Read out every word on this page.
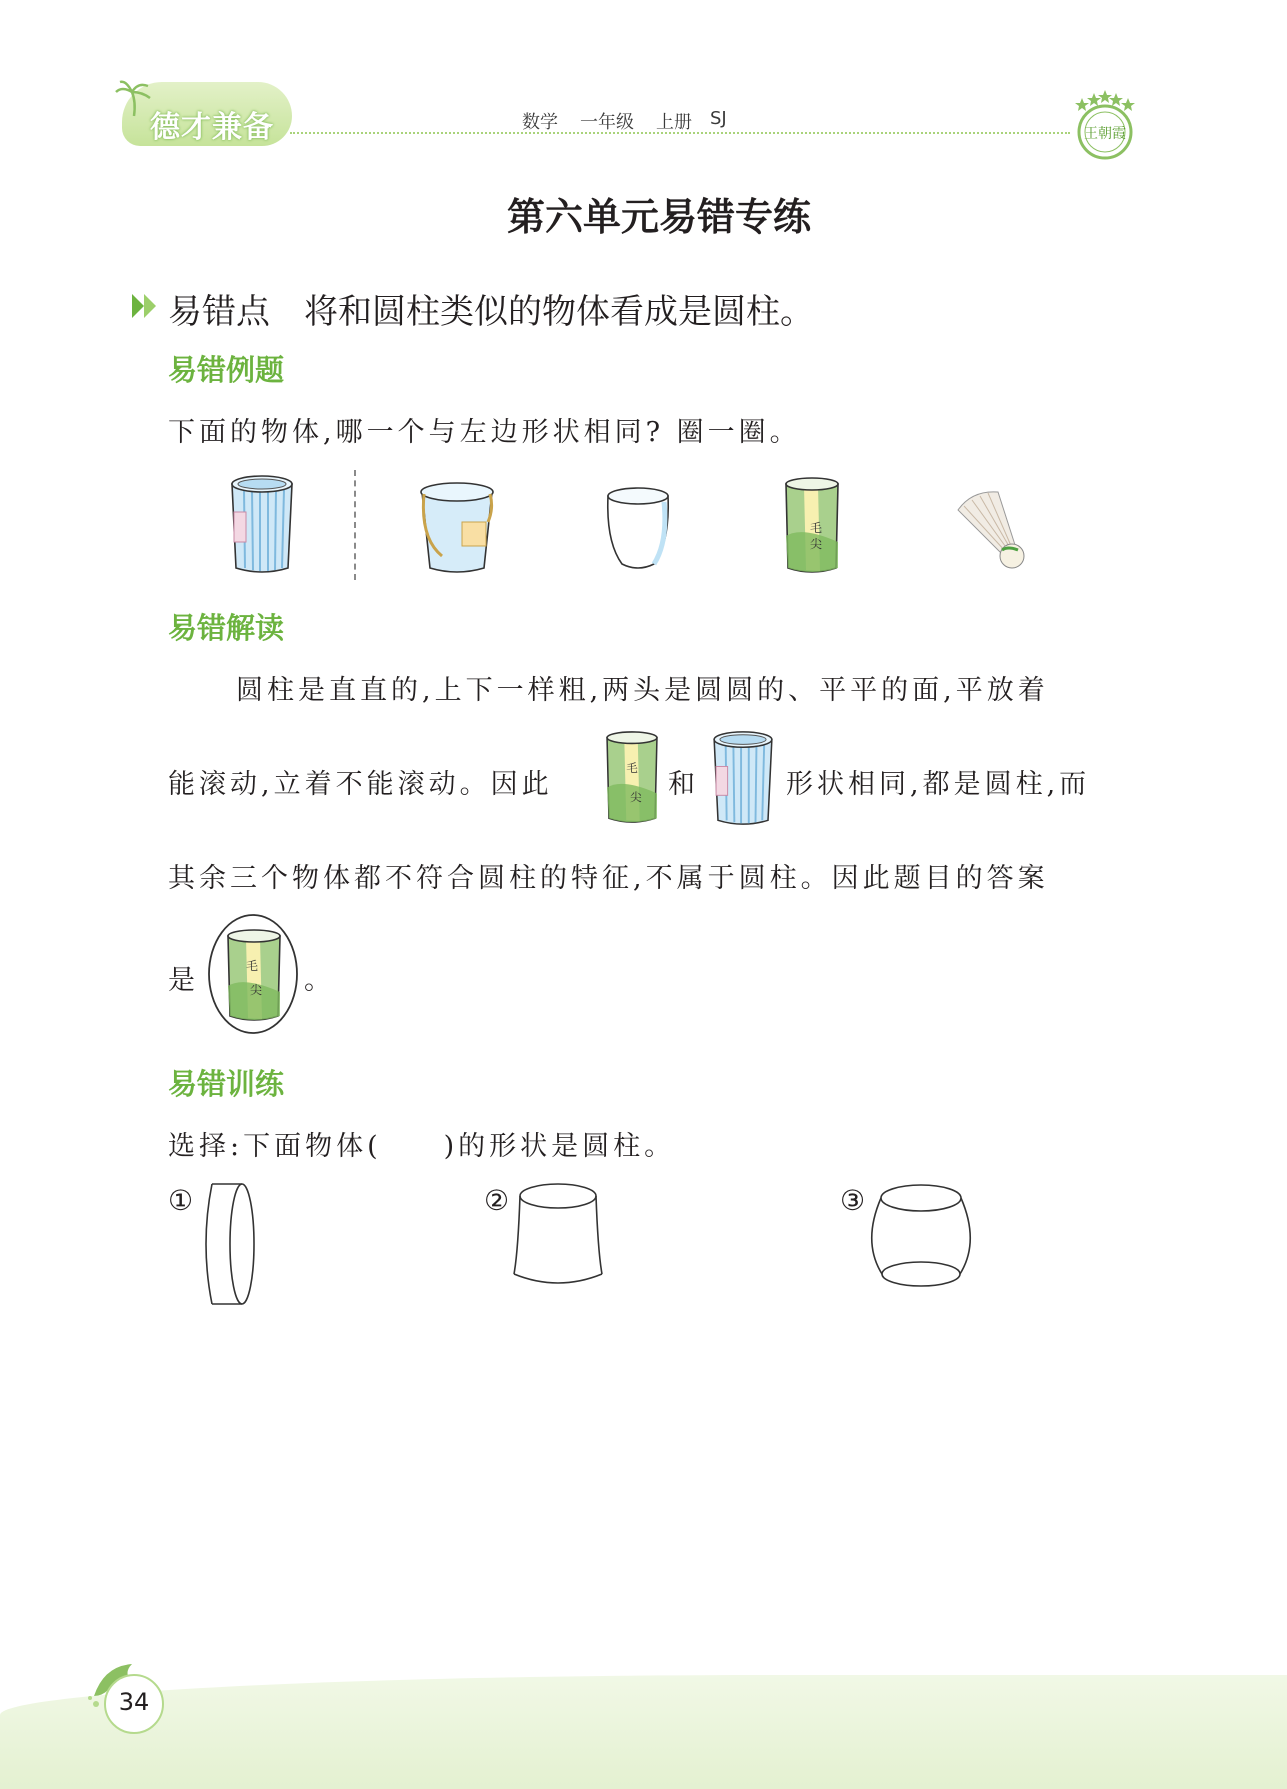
德才兼备	数学 一年级 上册 SJ
王朝霞
第六单元易错专练
易错点　将和圆柱类似的物体看成是圆柱。
易错例题
下面的物体,哪一个与左边形状相同? 圈一圈。
毛
尖
易错解读
圆柱是直直的,上下一样粗,两头是圆圆的、平平的面,平放着
能滚动,立着不能滚动。因此
毛
尖 和	形状相同,都是圆柱,而
其余三个物体都不符合圆柱的特征,不属于圆柱。因此题目的答案
是	毛
尖 。
易错训练
选择:下面物体(　　)的形状是圆柱。
①	②	③
34
